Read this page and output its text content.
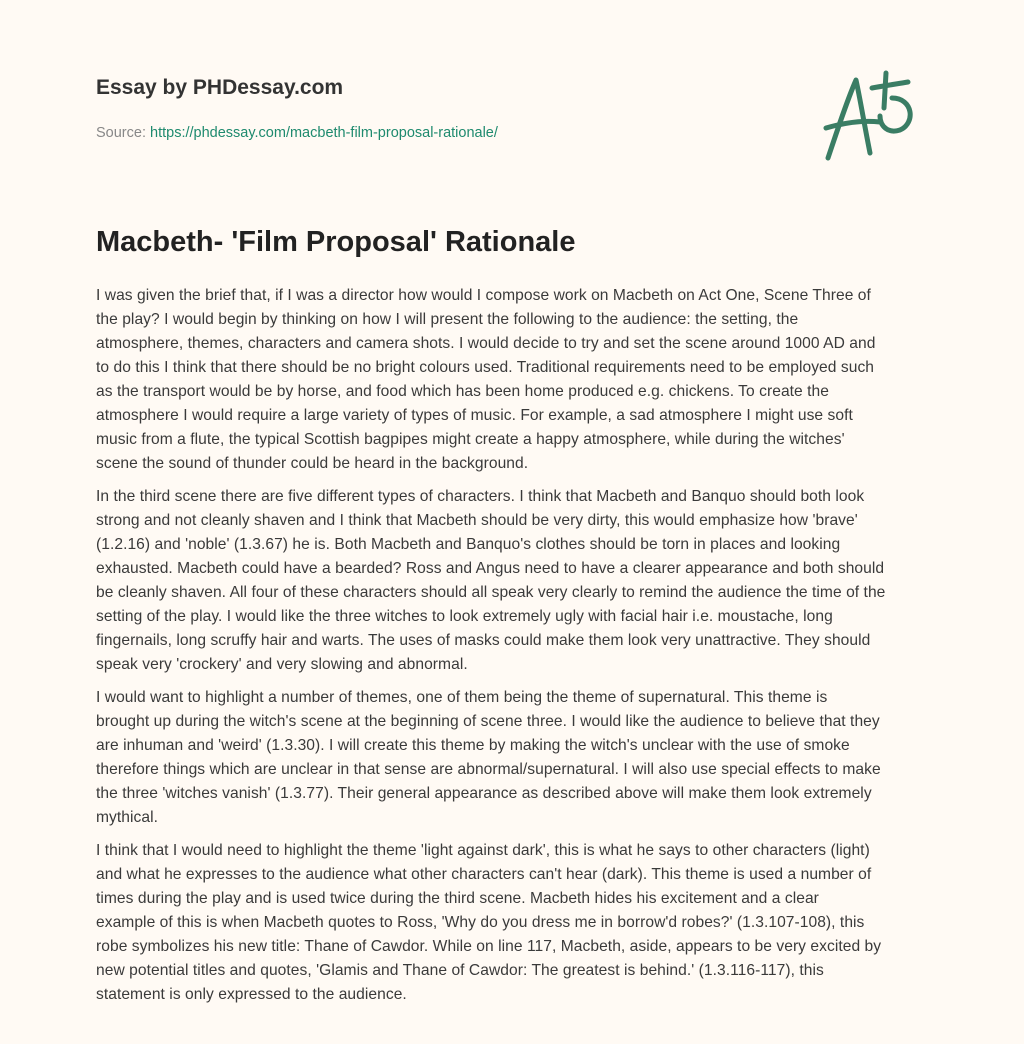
Essay by PHDessay.com
Source: https://phdessay.com/macbeth-film-proposal-rationale/
Macbeth- 'Film Proposal' Rationale

I was given the brief that, if I was a director how would I compose work on Macbeth on Act One, Scene Three of
the play? I would begin by thinking on how I will present the following to the audience: the setting, the
atmosphere, themes, characters and camera shots. I would decide to try and set the scene around 1000 AD and
to do this I think that there should be no bright colours used. Traditional requirements need to be employed such
as the transport would be by horse, and food which has been home produced e.g. chickens. To create the
atmosphere I would require a large variety of types of music. For example, a sad atmosphere I might use soft
music from a flute, the typical Scottish bagpipes might create a happy atmosphere, while during the witches'
scene the sound of thunder could be heard in the background.

In the third scene there are five different types of characters. I think that Macbeth and Banquo should both look
strong and not cleanly shaven and I think that Macbeth should be very dirty, this would emphasize how 'brave'
(1.2.16) and 'noble' (1.3.67) he is. Both Macbeth and Banquo's clothes should be torn in places and looking
exhausted. Macbeth could have a bearded? Ross and Angus need to have a clearer appearance and both should
be cleanly shaven. All four of these characters should all speak very clearly to remind the audience the time of the
setting of the play. I would like the three witches to look extremely ugly with facial hair i.e. moustache, long
fingernails, long scruffy hair and warts. The uses of masks could make them look very unattractive. They should
speak very 'crockery' and very slowing and abnormal.

I would want to highlight a number of themes, one of them being the theme of supernatural. This theme is
brought up during the witch's scene at the beginning of scene three. I would like the audience to believe that they
are inhuman and 'weird' (1.3.30). I will create this theme by making the witch's unclear with the use of smoke
therefore things which are unclear in that sense are abnormal/supernatural. I will also use special effects to make
the three 'witches vanish' (1.3.77). Their general appearance as described above will make them look extremely
mythical.

I think that I would need to highlight the theme 'light against dark', this is what he says to other characters (light)
and what he expresses to the audience what other characters can't hear (dark). This theme is used a number of
times during the play and is used twice during the third scene. Macbeth hides his excitement and a clear
example of this is when Macbeth quotes to Ross, 'Why do you dress me in borrow'd robes?' (1.3.107-108), this
robe symbolizes his new title: Thane of Cawdor. While on line 117, Macbeth, aside, appears to be very excited by
new potential titles and quotes, 'Glamis and Thane of Cawdor: The greatest is behind.' (1.3.116-117), this
statement is only expressed to the audience.
